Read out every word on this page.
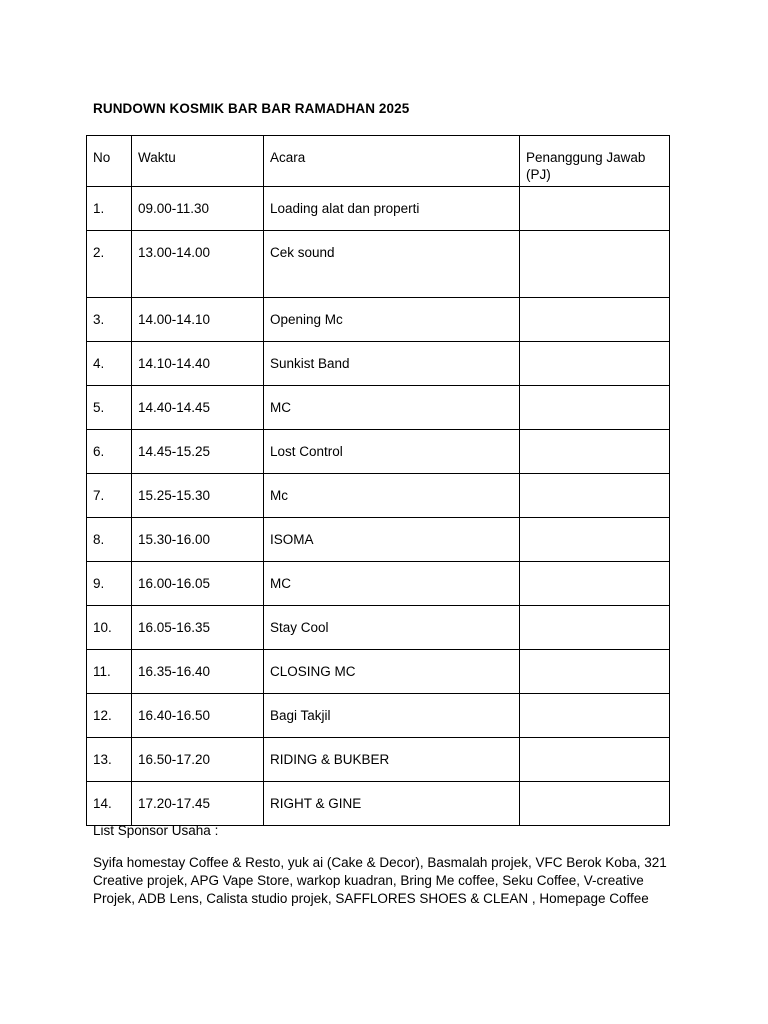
RUNDOWN KOSMIK BAR BAR RAMADHAN 2025
No	Waktu	Acara	Penanggung Jawab (PJ)
1.	09.00-11.30	Loading alat dan properti	
2.	13.00-14.00	Cek sound	
3.	14.00-14.10	Opening Mc	
4.	14.10-14.40	Sunkist Band	
5.	14.40-14.45	MC	
6.	14.45-15.25	Lost Control	
7.	15.25-15.30	Mc	
8.	15.30-16.00	ISOMA	
9.	16.00-16.05	MC	
10.	16.05-16.35	Stay Cool	
11.	16.35-16.40	CLOSING MC	
12.	16.40-16.50	Bagi Takjil	
13.	16.50-17.20	RIDING & BUKBER	
14.	17.20-17.45	RIGHT & GINE	
List Sponsor Usaha :
Syifa homestay Coffee & Resto, yuk ai (Cake & Decor), Basmalah projek, VFC Berok Koba, 321 Creative projek, APG Vape Store, warkop kuadran, Bring Me coffee, Seku Coffee, V-creative Projek, ADB Lens, Calista studio projek, SAFFLORES SHOES & CLEAN , Homepage Coffee
